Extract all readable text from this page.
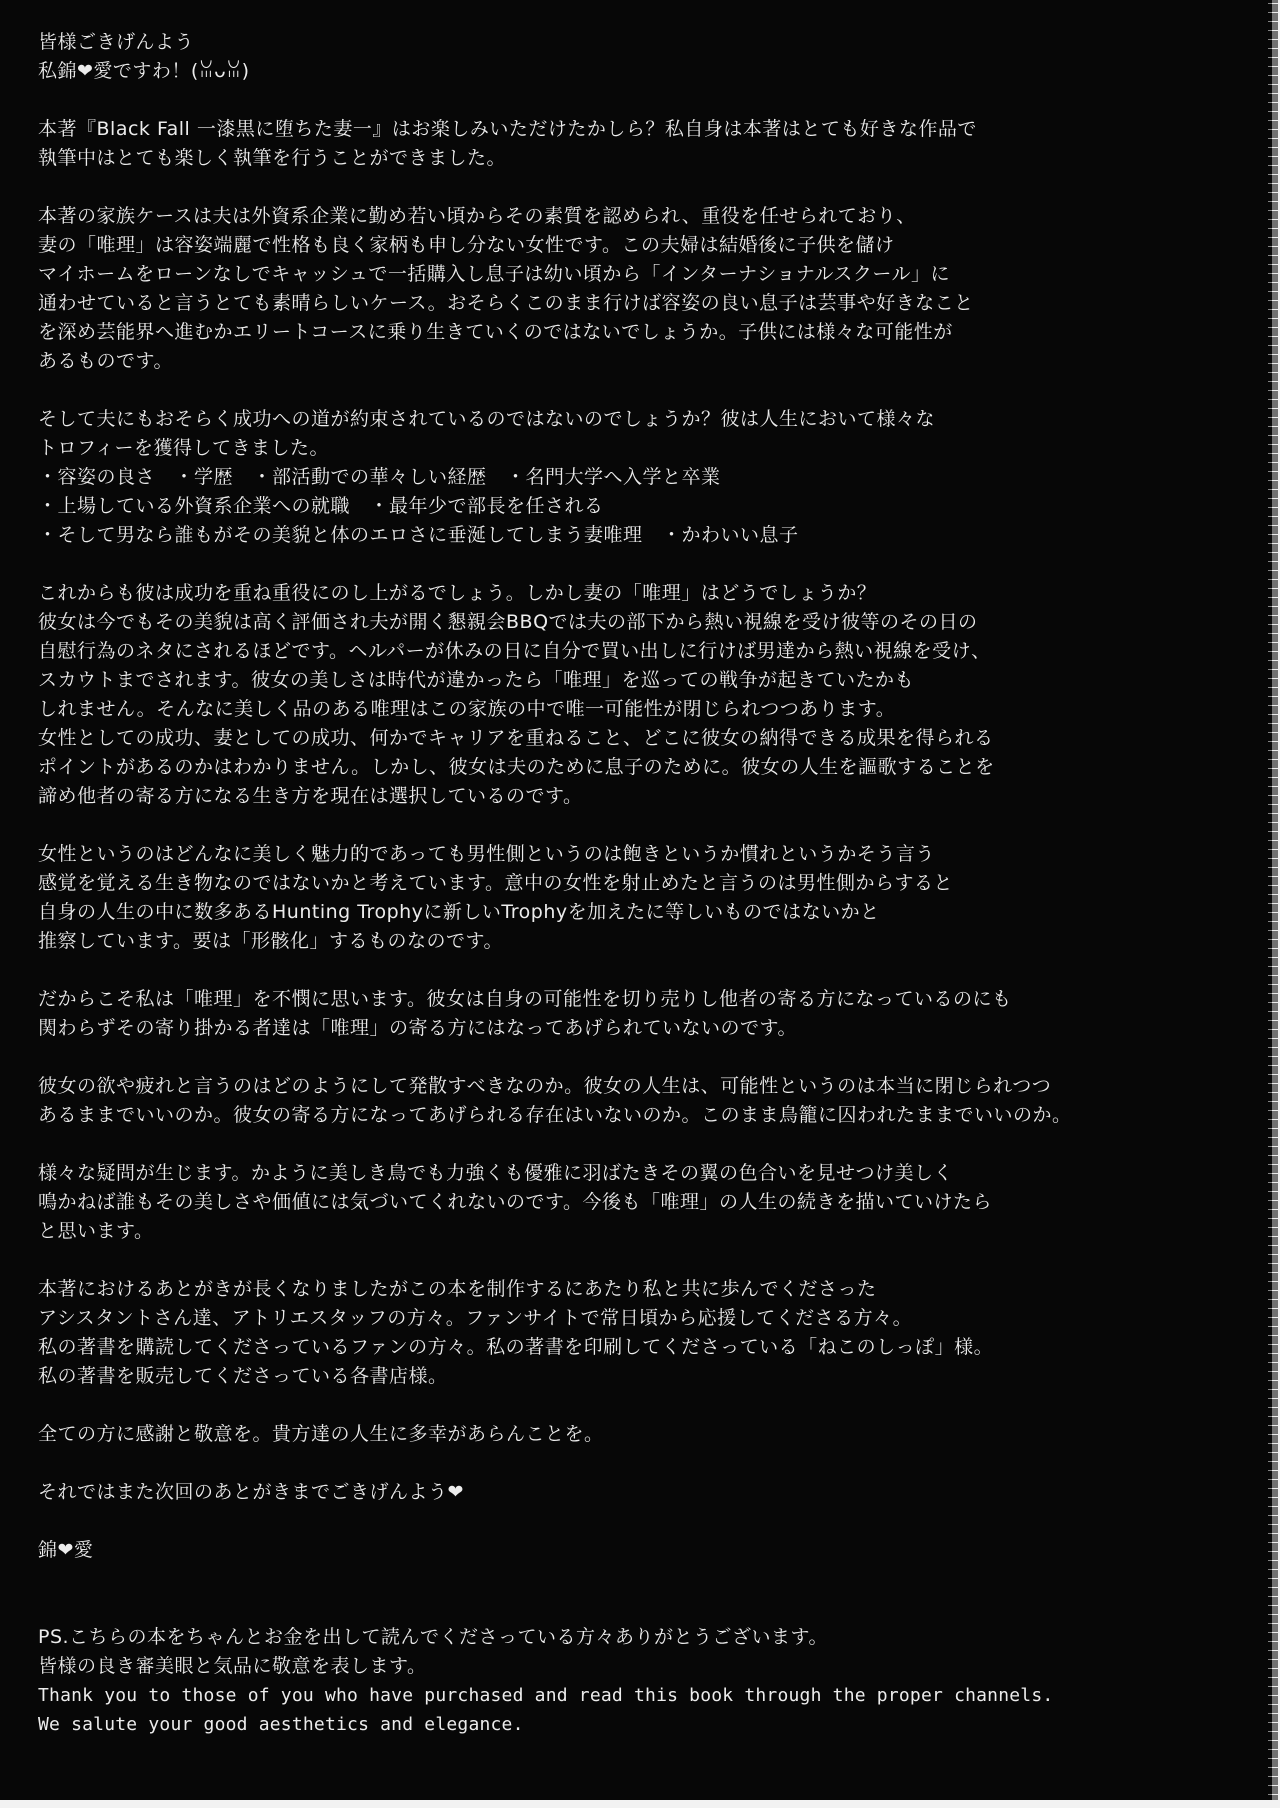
皆様ごきげんよう
私錦❤愛ですわ！(ꈍᴗꈍ)
本著『Black Fall 一漆黒に堕ちた妻一』はお楽しみいただけたかしら？私自身は本著はとても好きな作品で
執筆中はとても楽しく執筆を行うことができました。
本著の家族ケースは夫は外資系企業に勤め若い頃からその素質を認められ、重役を任せられており、
妻の「唯理」は容姿端麗で性格も良く家柄も申し分ない女性です。この夫婦は結婚後に子供を儲け
マイホームをローンなしでキャッシュで一括購入し息子は幼い頃から「インターナショナルスクール」に
通わせていると言うとても素晴らしいケース。おそらくこのまま行けば容姿の良い息子は芸事や好きなこと
を深め芸能界へ進むかエリートコースに乗り生きていくのではないでしょうか。子供には様々な可能性が
あるものです。
そして夫にもおそらく成功への道が約束されているのではないのでしょうか？彼は人生において様々な
トロフィーを獲得してきました。
・容姿の良さ　・学歴　・部活動での華々しい経歴　・名門大学へ入学と卒業
・上場している外資系企業への就職　・最年少で部長を任される
・そして男なら誰もがその美貌と体のエロさに垂涎してしまう妻唯理　・かわいい息子
これからも彼は成功を重ね重役にのし上がるでしょう。しかし妻の「唯理」はどうでしょうか？
彼女は今でもその美貌は高く評価され夫が開く懇親会BBQでは夫の部下から熱い視線を受け彼等のその日の
自慰行為のネタにされるほどです。ヘルパーが休みの日に自分で買い出しに行けば男達から熱い視線を受け、
スカウトまでされます。彼女の美しさは時代が違かったら「唯理」を巡っての戦争が起きていたかも
しれません。そんなに美しく品のある唯理はこの家族の中で唯一可能性が閉じられつつあります。
女性としての成功、妻としての成功、何かでキャリアを重ねること、どこに彼女の納得できる成果を得られる
ポイントがあるのかはわかりません。しかし、彼女は夫のために息子のために。彼女の人生を謳歌することを
諦め他者の寄る方になる生き方を現在は選択しているのです。
女性というのはどんなに美しく魅力的であっても男性側というのは飽きというか慣れというかそう言う
感覚を覚える生き物なのではないかと考えています。意中の女性を射止めたと言うのは男性側からすると
自身の人生の中に数多あるHunting Trophyに新しいTrophyを加えたに等しいものではないかと
推察しています。要は「形骸化」するものなのです。
だからこそ私は「唯理」を不憫に思います。彼女は自身の可能性を切り売りし他者の寄る方になっているのにも
関わらずその寄り掛かる者達は「唯理」の寄る方にはなってあげられていないのです。
彼女の欲や疲れと言うのはどのようにして発散すべきなのか。彼女の人生は、可能性というのは本当に閉じられつつ
あるままでいいのか。彼女の寄る方になってあげられる存在はいないのか。このまま鳥籠に囚われたままでいいのか。
様々な疑問が生じます。かように美しき鳥でも力強くも優雅に羽ばたきその翼の色合いを見せつけ美しく
鳴かねば誰もその美しさや価値には気づいてくれないのです。今後も「唯理」の人生の続きを描いていけたら
と思います。
本著におけるあとがきが長くなりましたがこの本を制作するにあたり私と共に歩んでくださった
アシスタントさん達、アトリエスタッフの方々。ファンサイトで常日頃から応援してくださる方々。
私の著書を購読してくださっているファンの方々。私の著書を印刷してくださっている「ねこのしっぽ」様。
私の著書を販売してくださっている各書店様。
全ての方に感謝と敬意を。貴方達の人生に多幸があらんことを。
それではまた次回のあとがきまでごきげんよう❤
錦❤愛
PS.こちらの本をちゃんとお金を出して読んでくださっている方々ありがとうございます。
皆様の良き審美眼と気品に敬意を表します。
Thank you to those of you who have purchased and read this book through the proper channels.
We salute your good aesthetics and elegance.
